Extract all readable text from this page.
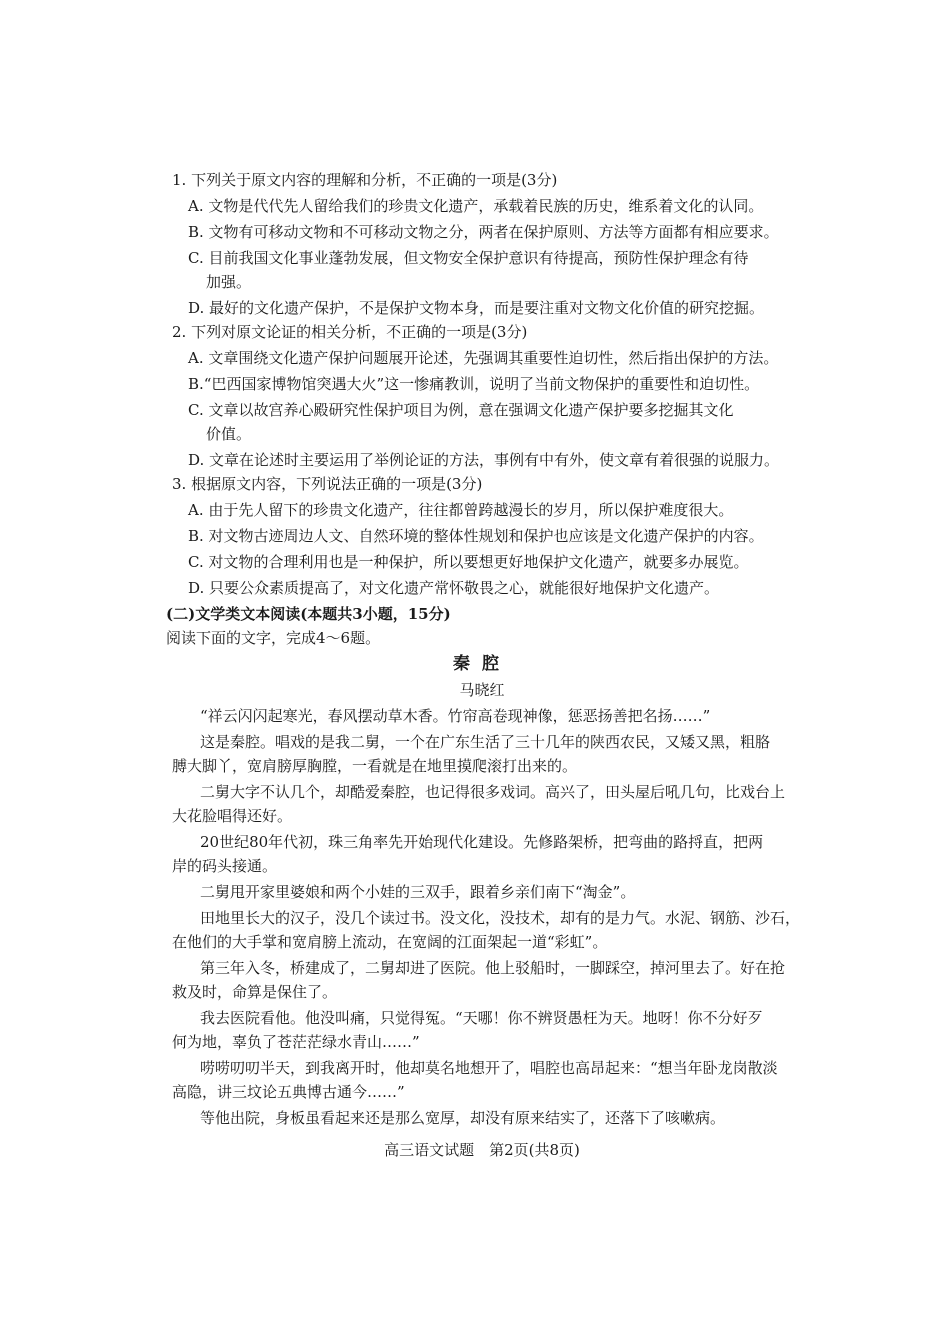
1. 下列关于原文内容的理解和分析，不正确的一项是(3分)
A. 文物是代代先人留给我们的珍贵文化遗产，承载着民族的历史，维系着文化的认同。
B. 文物有可移动文物和不可移动文物之分，两者在保护原则、方法等方面都有相应要求。
C. 目前我国文化事业蓬勃发展，但文物安全保护意识有待提高，预防性保护理念有待
加强。
D. 最好的文化遗产保护，不是保护文物本身，而是要注重对文物文化价值的研究挖掘。
2. 下列对原文论证的相关分析，不正确的一项是(3分)
A. 文章围绕文化遗产保护问题展开论述，先强调其重要性迫切性，然后指出保护的方法。
B.“巴西国家博物馆突遇大火”这一惨痛教训，说明了当前文物保护的重要性和迫切性。
C. 文章以故宫养心殿研究性保护项目为例，意在强调文化遗产保护要多挖掘其文化
价值。
D. 文章在论述时主要运用了举例论证的方法，事例有中有外，使文章有着很强的说服力。
3. 根据原文内容，下列说法正确的一项是(3分)
A. 由于先人留下的珍贵文化遗产，往往都曾跨越漫长的岁月，所以保护难度很大。
B. 对文物古迹周边人文、自然环境的整体性规划和保护也应该是文化遗产保护的内容。
C. 对文物的合理利用也是一种保护，所以要想更好地保护文化遗产，就要多办展览。
D. 只要公众素质提高了，对文化遗产常怀敬畏之心，就能很好地保护文化遗产。
(二)文学类文本阅读(本题共3小题，15分)
阅读下面的文字，完成4～6题。
秦腔
马晓红
“祥云闪闪起寒光，春风摆动草木香。竹帘高卷现神像，惩恶扬善把名扬……”
这是秦腔。唱戏的是我二舅，一个在广东生活了三十几年的陕西农民，又矮又黑，粗胳
膊大脚丫，宽肩膀厚胸膛，一看就是在地里摸爬滚打出来的。
二舅大字不认几个，却酷爱秦腔，也记得很多戏词。高兴了，田头屋后吼几句，比戏台上
大花脸唱得还好。
20世纪80年代初，珠三角率先开始现代化建设。先修路架桥，把弯曲的路捋直，把两
岸的码头接通。
二舅甩开家里婆娘和两个小娃的三双手，跟着乡亲们南下“淘金”。
田地里长大的汉子，没几个读过书。没文化，没技术，却有的是力气。水泥、钢筋、沙石，
在他们的大手掌和宽肩膀上流动，在宽阔的江面架起一道“彩虹”。
第三年入冬，桥建成了，二舅却进了医院。他上驳船时，一脚踩空，掉河里去了。好在抢
救及时，命算是保住了。
我去医院看他。他没叫痛，只觉得冤。“天哪！你不辨贤愚枉为天。地呀！你不分好歹
何为地，辜负了苍茫茫绿水青山……”
唠唠叨叨半天，到我离开时，他却莫名地想开了，唱腔也高昂起来：“想当年卧龙岗散淡
高隐，讲三坟论五典博古通今……”
等他出院，身板虽看起来还是那么宽厚，却没有原来结实了，还落下了咳嗽病。
高三语文试题　第2页(共8页)
